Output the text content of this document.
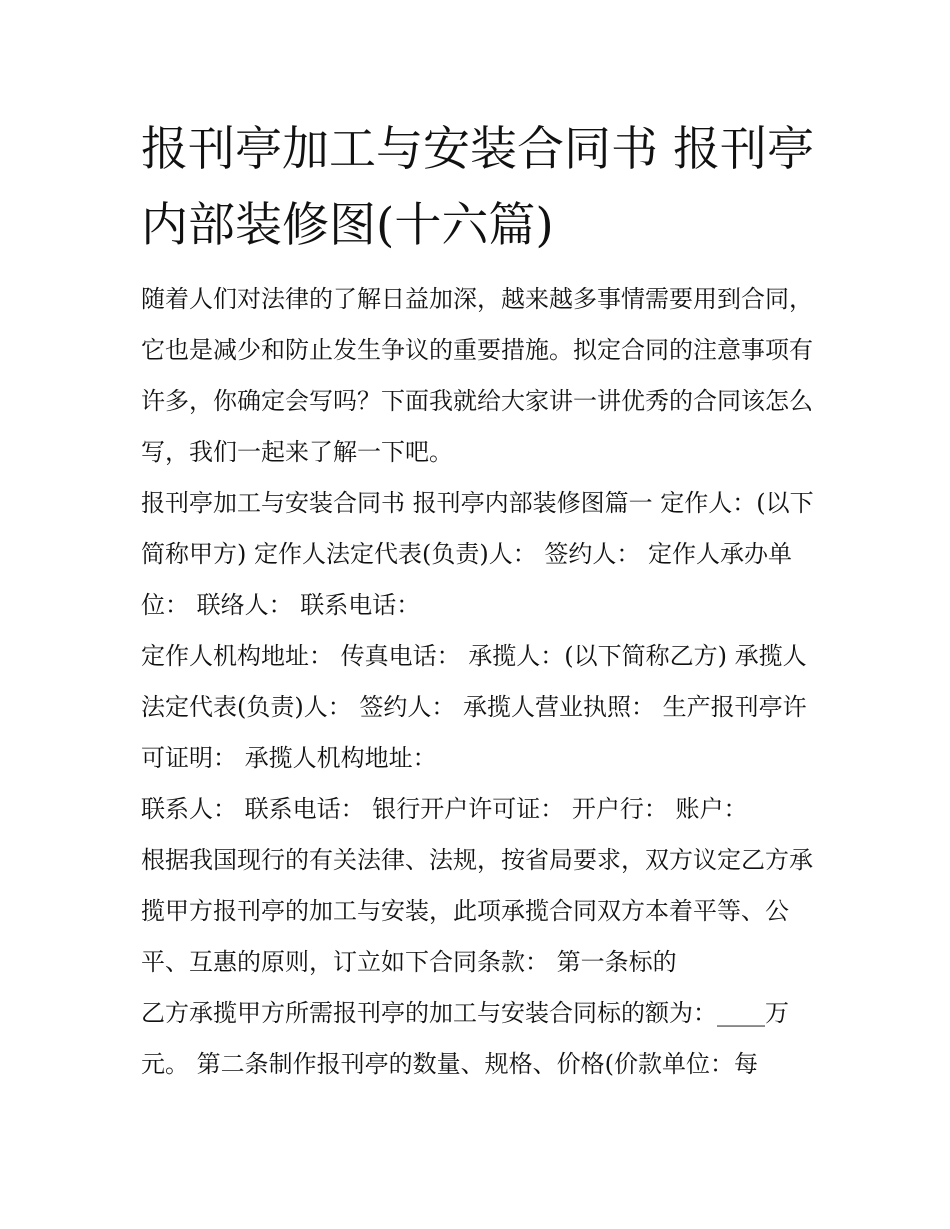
报刊亭加工与安装合同书 报刊亭内部装修图(十六篇)

随着人们对法律的了解日益加深，越来越多事情需要用到合同，它也是减少和防止发生争议的重要措施。拟定合同的注意事项有许多，你确定会写吗？下面我就给大家讲一讲优秀的合同该怎么写，我们一起来了解一下吧。

报刊亭加工与安装合同书 报刊亭内部装修图篇一 定作人：(以下简称甲方) 定作人法定代表(负责)人： 签约人： 定作人承办单位： 联络人： 联系电话：

定作人机构地址： 传真电话： 承揽人：(以下简称乙方) 承揽人法定代表(负责)人： 签约人： 承揽人营业执照： 生产报刊亭许可证明： 承揽人机构地址：

联系人： 联系电话： 银行开户许可证： 开户行： 账户：

根据我国现行的有关法律、法规，按省局要求，双方议定乙方承揽甲方报刊亭的加工与安装，此项承揽合同双方本着平等、公平、互惠的原则，订立如下合同条款： 第一条标的

乙方承揽甲方所需报刊亭的加工与安装合同标的额为：____万元。 第二条制作报刊亭的数量、规格、价格(价款单位：每
